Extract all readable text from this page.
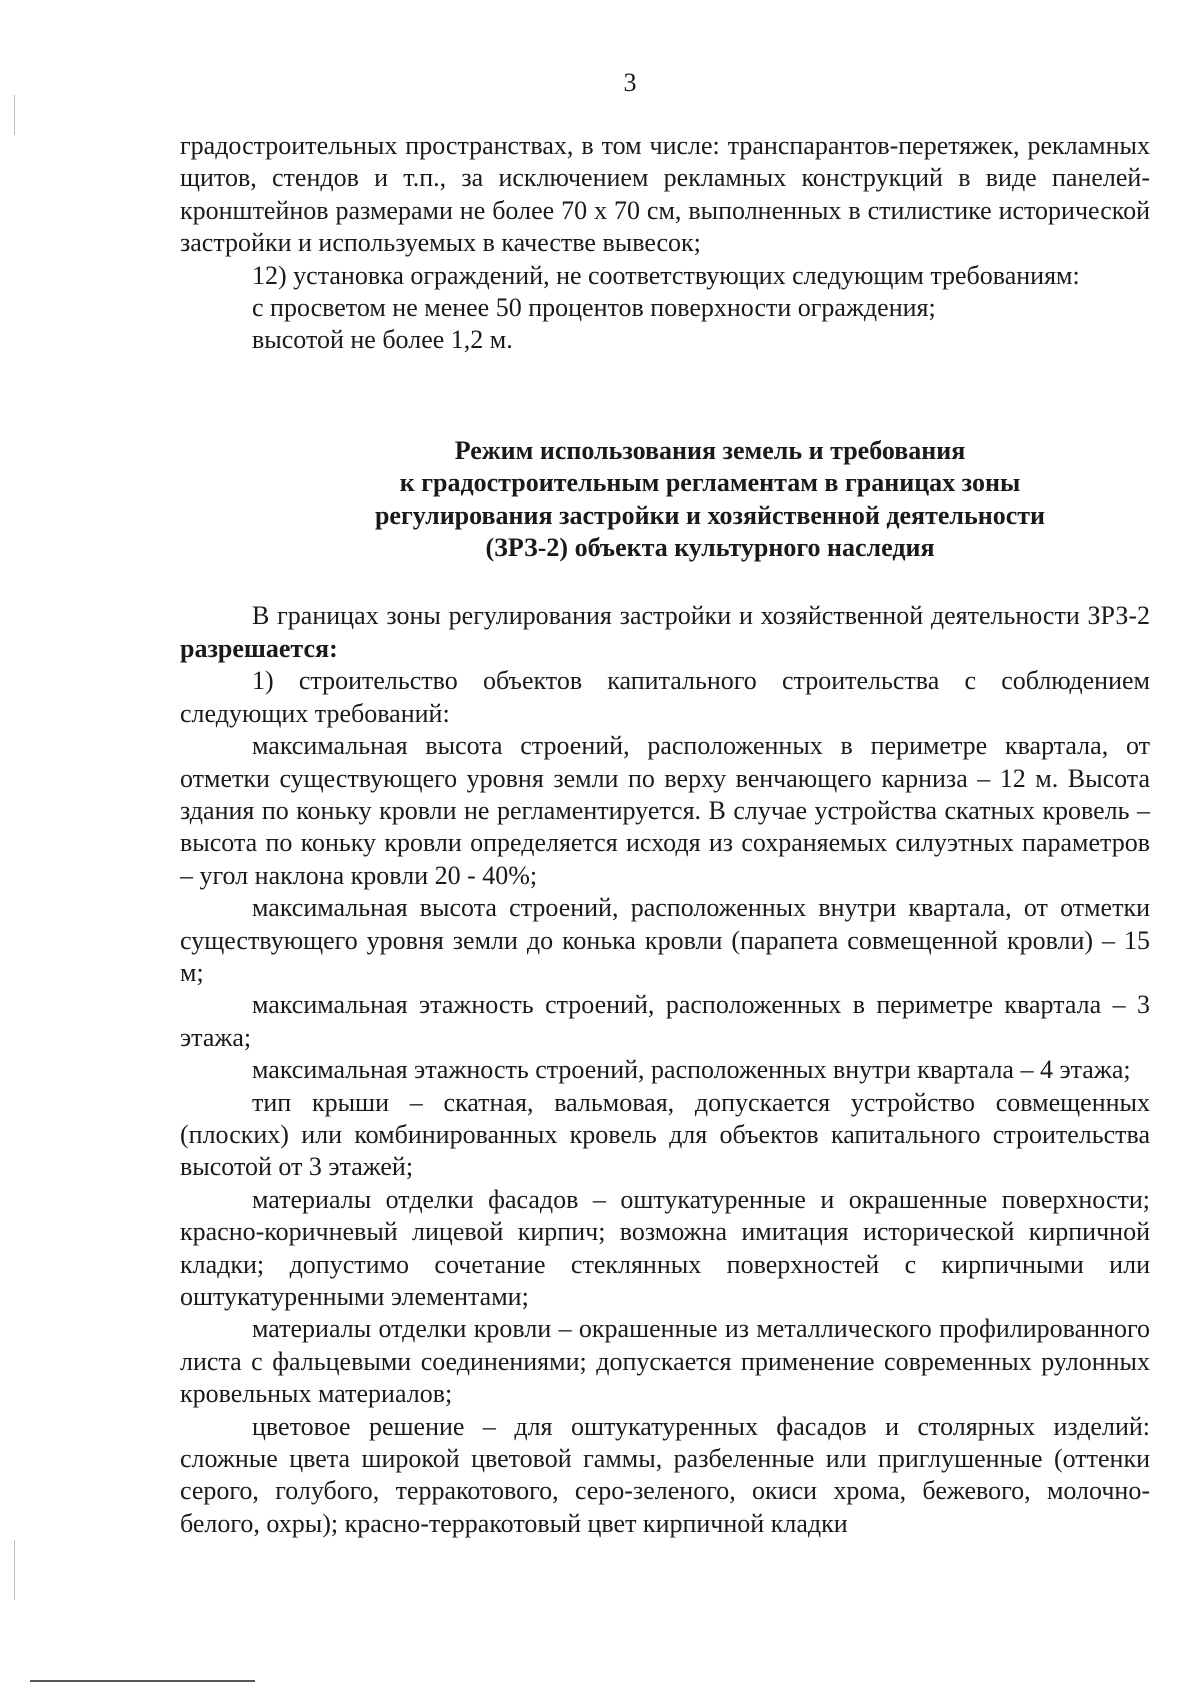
3

градостроительных пространствах, в том числе: транспарантов-перетяжек, рекламных щитов, стендов и т.п., за исключением рекламных конструкций в виде панелей-кронштейнов размерами не более 70 х 70 см, выполненных в стилистике исторической застройки и используемых в качестве вывесок;

12) установка ограждений, не соответствующих следующим требованиям:

с просветом не менее 50 процентов поверхности ограждения;

высотой не более 1,2 м.

Режим использования земель и требования
к градостроительным регламентам в границах зоны
регулирования застройки и хозяйственной деятельности
(ЗРЗ-2) объекта культурного наследия

В границах зоны регулирования застройки и хозяйственной деятельности ЗРЗ-2 разрешается:

1) строительство объектов капитального строительства с соблюдением следующих требований:

максимальная высота строений, расположенных в периметре квартала, от отметки существующего уровня земли по верху венчающего карниза – 12 м. Высота здания по коньку кровли не регламентируется. В случае устройства скатных кровель – высота по коньку кровли определяется исходя из сохраняемых силуэтных параметров – угол наклона кровли 20 - 40%;

максимальная высота строений, расположенных внутри квартала, от отметки существующего уровня земли до конька кровли (парапета совмещенной кровли) – 15 м;

максимальная этажность строений, расположенных в периметре квартала – 3 этажа;

максимальная этажность строений, расположенных внутри квартала – 4 этажа;

тип крыши – скатная, вальмовая, допускается устройство совмещенных (плоских) или комбинированных кровель для объектов капитального строительства высотой от 3 этажей;

материалы отделки фасадов – оштукатуренные и окрашенные поверхности; красно-коричневый лицевой кирпич; возможна имитация исторической кирпичной кладки; допустимо сочетание стеклянных поверхностей с кирпичными или оштукатуренными элементами;

материалы отделки кровли – окрашенные из металлического профилированного листа с фальцевыми соединениями; допускается применение современных рулонных кровельных материалов;

цветовое решение – для оштукатуренных фасадов и столярных изделий: сложные цвета широкой цветовой гаммы, разбеленные или приглушенные (оттенки серого, голубого, терракотового, серо-зеленого, окиси хрома, бежевого, молочно-белого, охры); красно-терракотовый цвет кирпичной кладки
